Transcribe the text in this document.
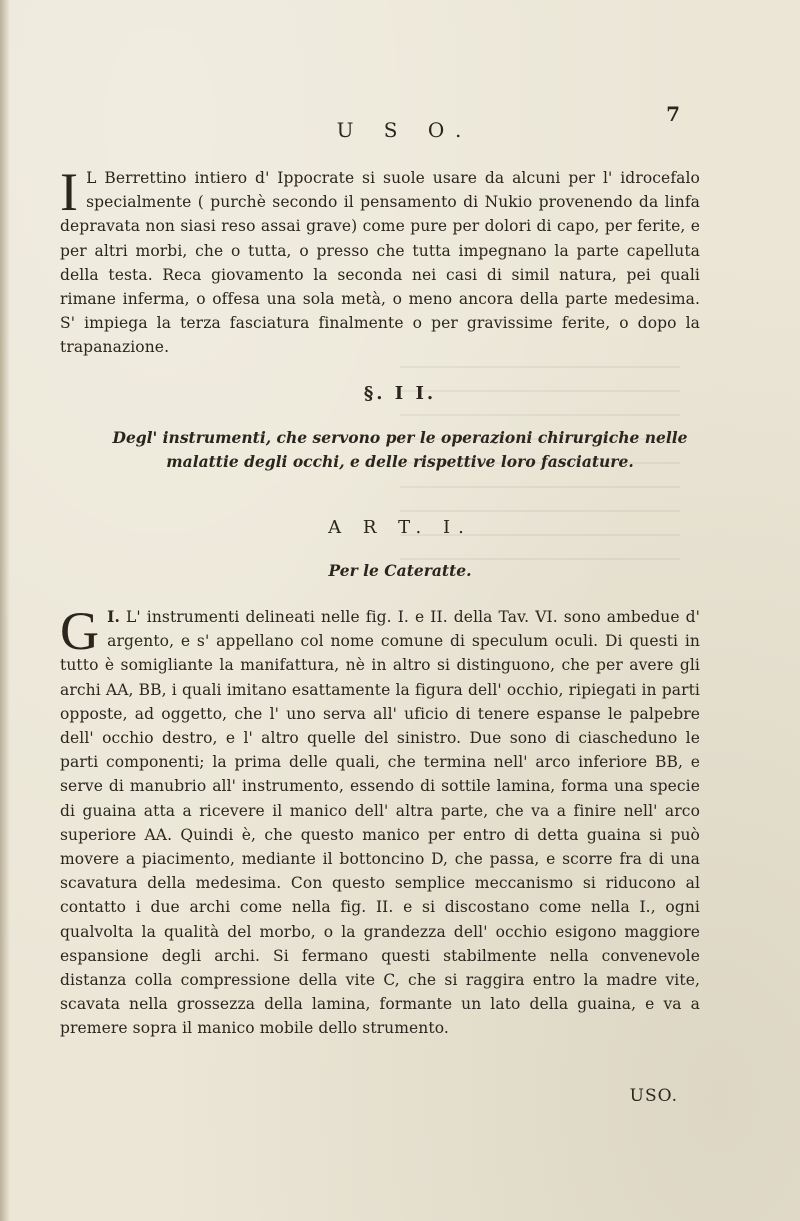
7
U S O.

I L Berrettino intiero d' Ippocrate si suole usare da alcuni per l' idrocefalo specialmente ( purchè secondo il pensamento di Nukio provenendo da linfa depravata non siasi reso assai grave) come pure per dolori di capo, per ferite, e per altri morbi, che o tutta, o presso che tutta impegnano la parte capelluta della testa. Reca giovamento la seconda nei casi di simil natura, pei quali rimane inferma, o offesa una sola metà, o meno ancora della parte medesima. S' impiega la terza fasciatura finalmente o per gravissime ferite, o dopo la trapanazione.

§. I I.

Degl' instrumenti, che servono per le operazioni chirurgiche nelle malattie degli occhi, e delle rispettive loro fasciature.

A R T. I.
Per le Cateratte.

I.
G L' instrumenti delineati nelle fig. I. e II. della Tav. VI. sono ambedue d' argento, e s' appellano col nome comune di speculum oculi. Di questi in tutto è somigliante la manifattura, nè in altro si distinguono, che per avere gli archi AA, BB, i quali imitano esattamente la figura dell' occhio, ripiegati in parti opposte, ad oggetto, che l' uno serva all' uficio di tenere espanse le palpebre dell' occhio destro, e l' altro quelle del sinistro. Due sono di ciascheduno le parti componenti; la prima delle quali, che termina nell' arco inferiore BB, e serve di manubrio all' instrumento, essendo di sottile lamina, forma una specie di guaina atta a ricevere il manico dell' altra parte, che va a finire nell' arco superiore AA. Quindi è, che questo manico per entro di detta guaina si può movere a piacimento, mediante il bottoncino D, che passa, e scorre fra di una scavatura della medesima. Con questo semplice meccanismo si riducono al contatto i due archi come nella fig. II. e si discostano come nella I., ogni qualvolta la qualità del morbo, o la grandezza dell' occhio esigono maggiore espansione degli archi. Si fermano questi stabilmente nella convenevole distanza colla compressione della vite C, che si raggira entro la madre vite, scavata nella grossezza della lamina, formante un lato della guaina, e va a premere sopra il manico mobile dello strumento.

USO.
